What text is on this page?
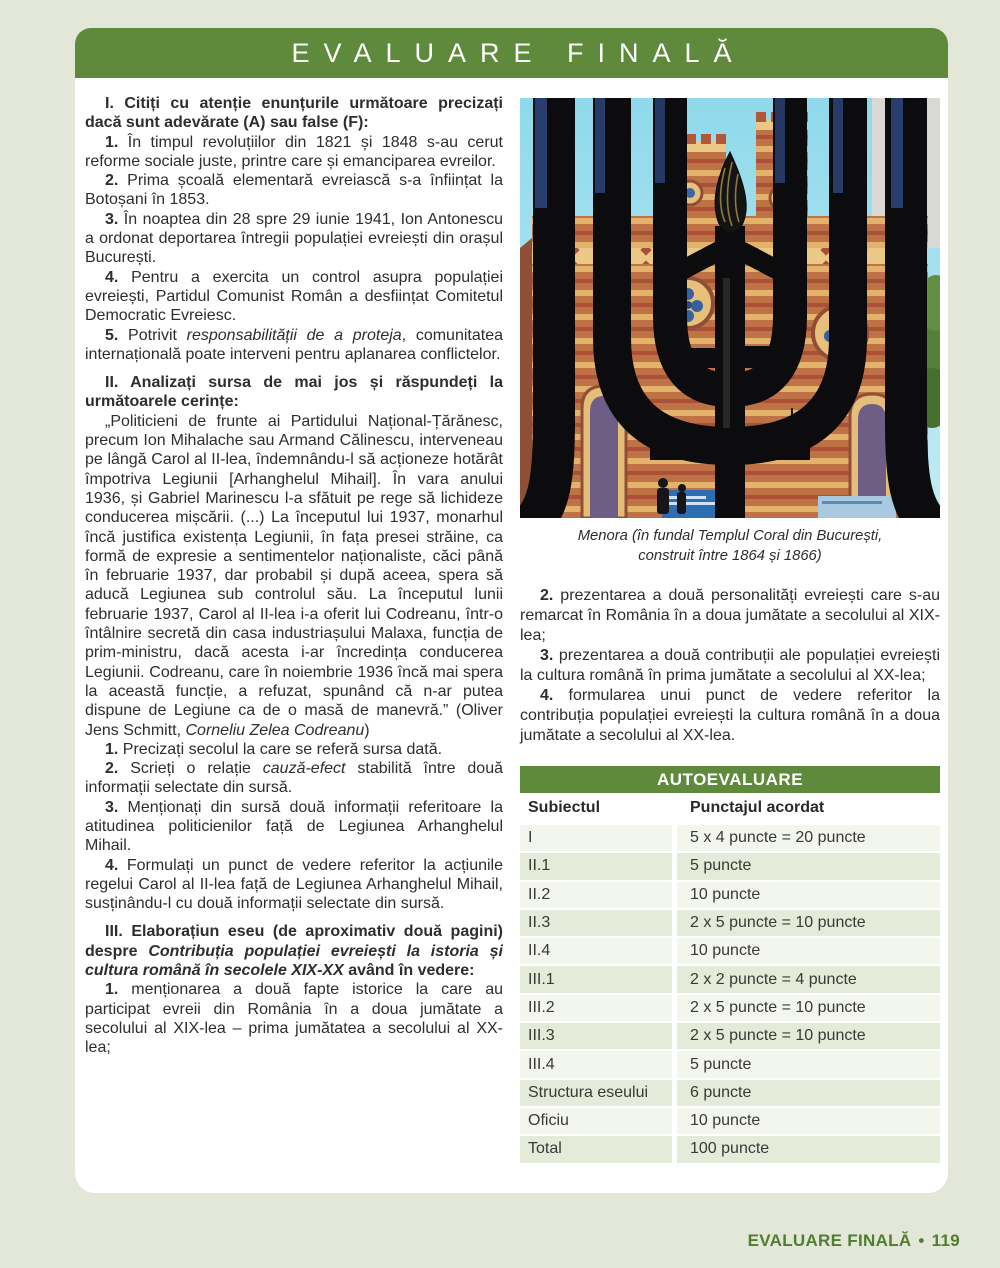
EVALUARE FINALĂ

I. Citiți cu atenție enunțurile următoare precizați dacă sunt adevărate (A) sau false (F):

1. În timpul revoluțiilor din 1821 și 1848 s-au cerut reforme sociale juste, printre care și emanciparea evreilor.

2. Prima școală elementară evreiască s-a înființat la Botoșani în 1853.

3. În noaptea din 28 spre 29 iunie 1941, Ion Antonescu a ordonat deportarea întregii populației evreiești din orașul București.

4. Pentru a exercita un control asupra populației evreiești, Partidul Comunist Român a desființat Comitetul Democratic Evreiesc.

5. Potrivit responsabilității de a proteja, comunitatea internațională poate interveni pentru aplanarea conflictelor.

II. Analizați sursa de mai jos și răspundeți la următoarele cerințe:

„Politicieni de frunte ai Partidului Național-Țărănesc, precum Ion Mihalache sau Armand Călinescu, interveneau pe lângă Carol al II-lea, îndemnându-l să acționeze hotărât împotriva Legiunii [Arhanghelul Mihail]. În vara anului 1936, și Gabriel Marinescu l-a sfătuit pe rege să lichideze conducerea mișcării. (...) La începutul lui 1937, monarhul încă justifica existența Legiunii, în fața presei străine, ca formă de expresie a sentimentelor naționaliste, căci până în februarie 1937, dar probabil și după aceea, spera să aducă Legiunea sub controlul său. La începutul lunii februarie 1937, Carol al II-lea i-a oferit lui Codreanu, într-o întâlnire secretă din casa industriașului Malaxa, funcția de prim-ministru, dacă acesta i-ar încredința conducerea Legiunii. Codreanu, care în noiembrie 1936 încă mai spera la această funcție, a refuzat, spunând că n-ar putea dispune de Legiune ca de o masă de manevră.” (Oliver Jens Schmitt, Corneliu Zelea Codreanu)

1. Precizați secolul la care se referă sursa dată.

2. Scrieți o relație cauză-efect stabilită între două informații selectate din sursă.

3. Menționați din sursă două informații referitoare la atitudinea politicienilor față de Legiunea Arhanghelul Mihail.

4. Formulați un punct de vedere referitor la acțiunile regelui Carol al II-lea față de Legiunea Arhanghelul Mihail, susținându-l cu două informații selectate din sursă.

III. Elaborațiun eseu (de aproximativ două pagini) despre Contribuția populației evreiești la istoria și cultura română în secolele XIX-XX având în vedere:

1. menționarea a două fapte istorice la care au participat evreii din România în a doua jumătate a secolului al XIX-lea – prima jumătatea a secolului al XX-lea;

Menora (în fundal Templul Coral din București,
construit între 1864 și 1866)

2. prezentarea a două personalități evreiești care s-au remarcat în România în a doua jumătate a secolului al XIX-lea;

3. prezentarea a două contribuții ale populației evreiești la cultura română în prima jumătate a secolului al XX-lea;

4. formularea unui punct de vedere referitor la contribuția populației evreiești la cultura română în a doua jumătate a secolului al XX-lea.

AUTOEVALUARE
Subiectul	Punctajul acordat
I	5 x 4 puncte = 20 puncte
II.1	5 puncte
II.2	10 puncte
II.3	2 x 5 puncte = 10 puncte
II.4	10 puncte
III.1	2 x 2 puncte = 4 puncte
III.2	2 x 5 puncte = 10 puncte
III.3	2 x 5 puncte = 10 puncte
III.4	5 puncte
Structura eseului	6 puncte
Oficiu	10 puncte
Total	100 puncte
EVALUARE FINALĂ • 119
